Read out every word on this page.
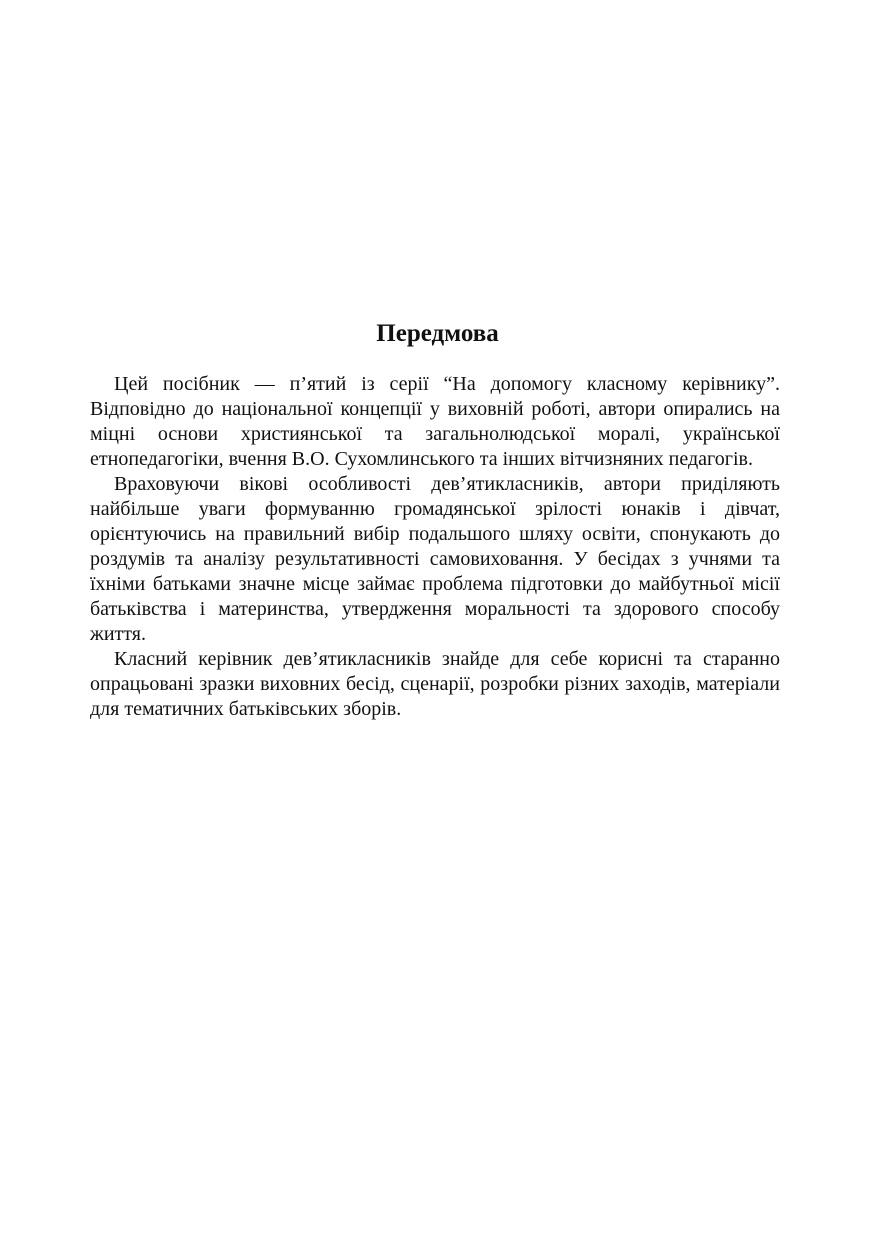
Передмова

Цей посібник — п’ятий із серії “На допомогу класному керівнику”. Відповідно до національної концепції у виховній роботі, автори опирались на міцні основи християнської та загальнолюдської моралі, української етнопедагогіки, вчення В.О. Сухомлинського та інших вітчизняних педагогів.

Враховуючи вікові особливості дев’ятикласників, автори приділяють найбільше уваги формуванню громадянської зрілості юнаків і дівчат, орієнтуючись на правильний вибір подальшого шляху освіти, спонукають до роздумів та аналізу результативності самовиховання. У бесідах з учнями та їхніми батьками значне місце займає проблема підготовки до майбутньої місії батьківства і материнства, утвердження моральності та здорового способу життя.

Класний керівник дев’ятикласників знайде для себе корисні та старанно опрацьовані зразки виховних бесід, сценарії, розробки різних заходів, матеріали для тематичних батьківських зборів.
